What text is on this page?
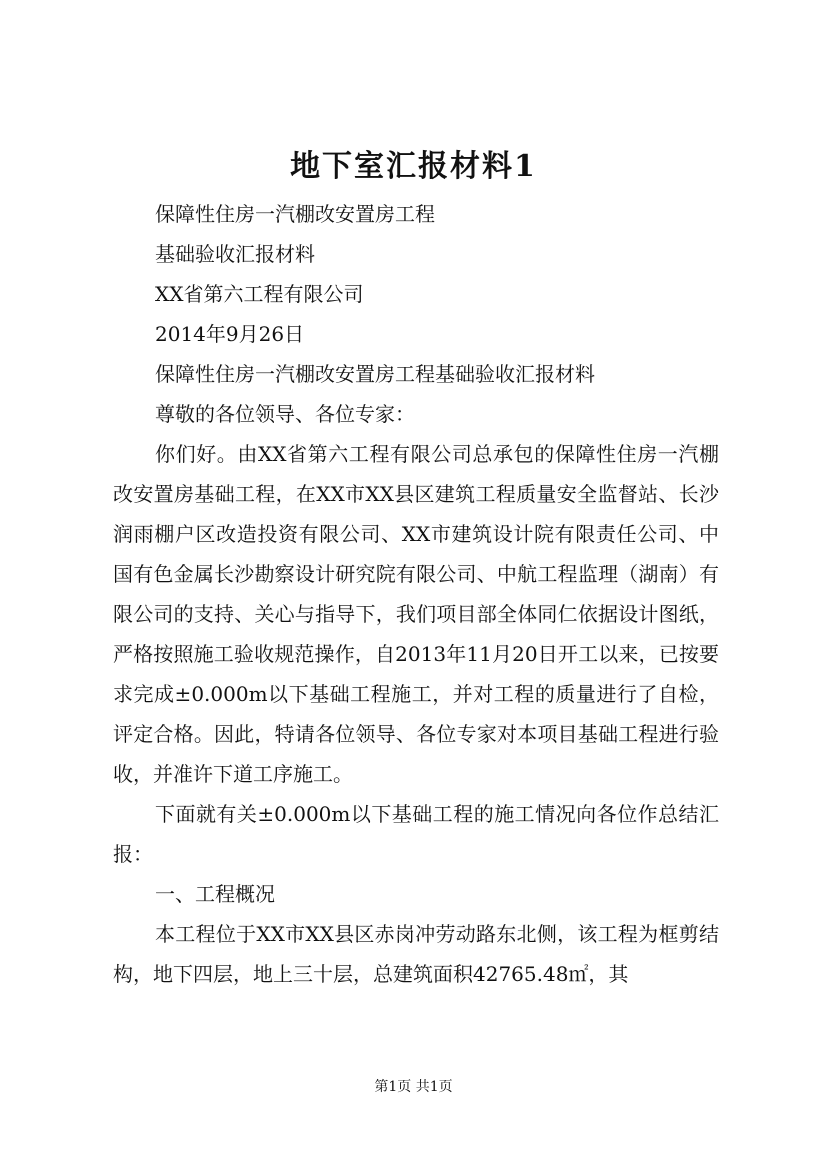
地下室汇报材料1
保障性住房一汽棚改安置房工程
基础验收汇报材料
XX省第六工程有限公司
2014年9月26日
保障性住房一汽棚改安置房工程基础验收汇报材料
尊敬的各位领导、各位专家：

你们好。由XX省第六工程有限公司总承包的保障性住房一汽棚改安置房基础工程，在XX市XX县区建筑工程质量安全监督站、长沙润雨棚户区改造投资有限公司、XX市建筑设计院有限责任公司、中国有色金属长沙勘察设计研究院有限公司、中航工程监理（湖南）有限公司的支持、关心与指导下，我们项目部全体同仁依据设计图纸，严格按照施工验收规范操作，自2013年11月20日开工以来，已按要求完成±0.000m以下基础工程施工，并对工程的质量进行了自检，评定合格。因此，特请各位领导、各位专家对本项目基础工程进行验收，并准许下道工序施工。

下面就有关±0.000m以下基础工程的施工情况向各位作总结汇报：

一、工程概况

本工程位于XX市XX县区赤岗冲劳动路东北侧，该工程为框剪结构，地下四层，地上三十层，总建筑面积42765.48㎡，其

第1页 共1页
